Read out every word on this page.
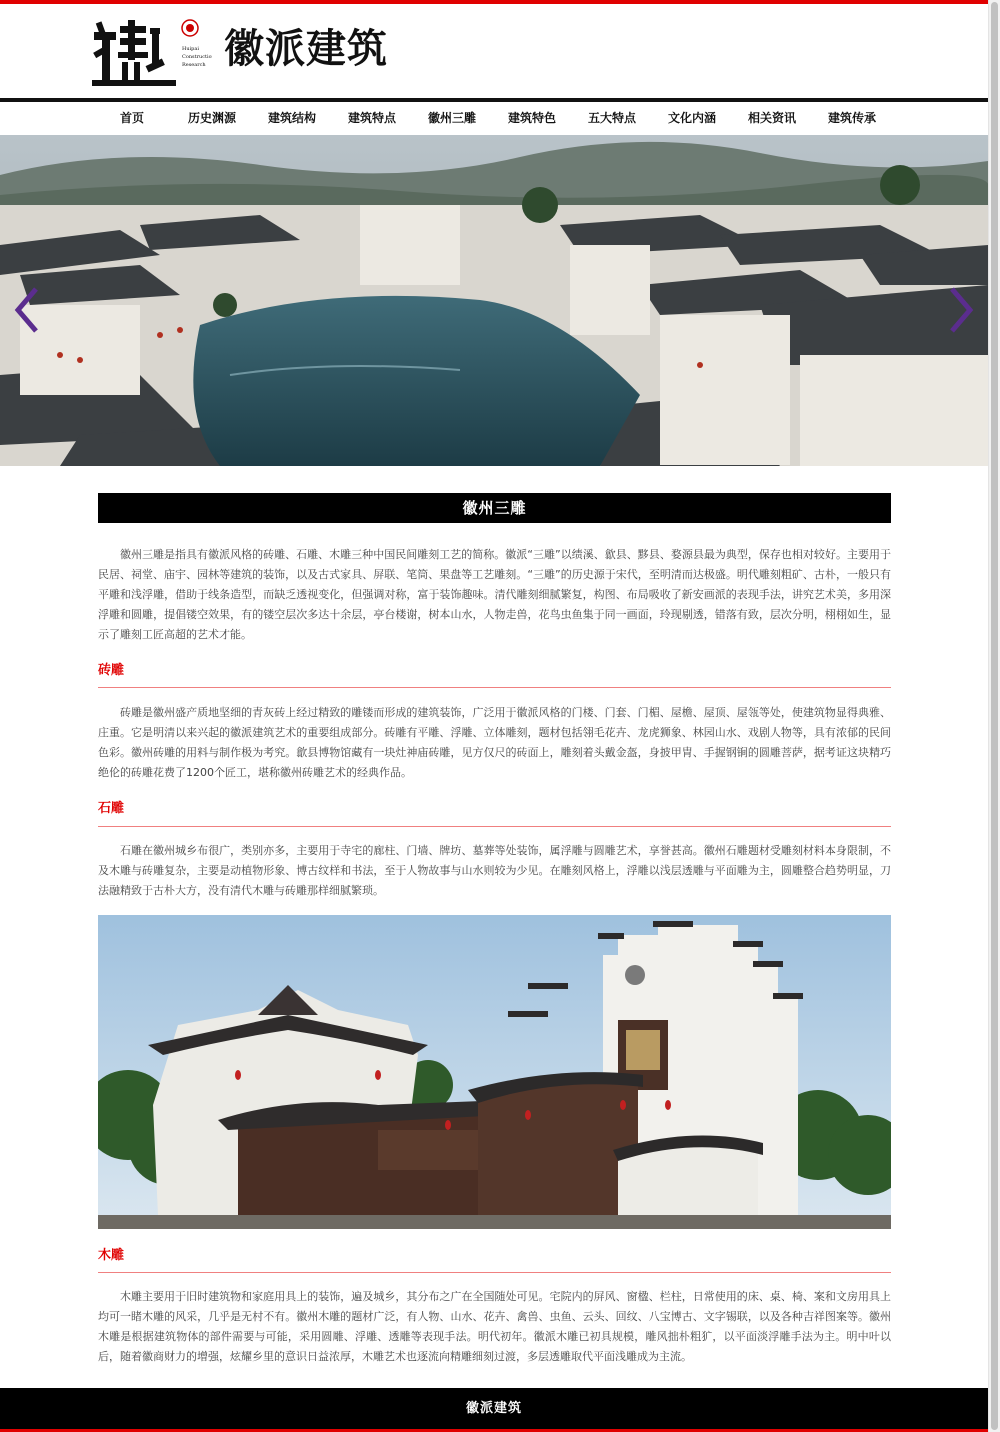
Huipai
Construction
Research 徽派建筑
首页	历史渊源	建筑结构	建筑特点	徽州三雕	建筑特色	五大特点	文化内涵	相关资讯	建筑传承
徽州三雕

徽州三雕是指具有徽派风格的砖雕、石雕、木雕三种中国民间雕刻工艺的简称。徽派“三雕”以绩溪、歙县、黟县、婺源县最为典型，保存也相对较好。主要用于民居、祠堂、庙宇、园林等建筑的装饰，以及古式家具、屏联、笔筒、果盘等工艺雕刻。“三雕”的历史源于宋代，至明清而达极盛。明代雕刻粗矿、古朴，一般只有平雕和浅浮雕，借助于线条造型，而缺乏透视变化，但强调对称，富于装饰趣味。清代雕刻细腻繁复，构图、布局吸收了新安画派的表现手法，讲究艺术美，多用深浮雕和圆雕，提倡镂空效果，有的镂空层次多达十余层，亭台楼谢，树本山水，人物走兽，花鸟虫鱼集于同一画面，玲现剔透，错落有致，层次分明，栩栩如生，显示了雕刻工匠高超的艺术才能。

砖雕

砖雕是徽州盛产质地坚细的青灰砖上经过精致的雕镂而形成的建筑装饰，广泛用于徽派风格的门楼、门套、门楣、屋檐、屋顶、屋瓴等处，使建筑物显得典雅、庄重。它是明清以来兴起的徽派建筑艺术的重要组成部分。砖雕有平雕、浮雕、立体雕刻，题材包括翎毛花卉、龙虎狮象、林园山水、戏剧人物等，具有浓郁的民间色彩。徽州砖雕的用料与制作极为考究。歙县博物馆藏有一块灶神庙砖雕，见方仅尺的砖面上，雕刻着头戴金盔，身披甲胄、手握钢锏的圆雕菩萨，据考证这块精巧绝伦的砖雕花费了1200个匠工，堪称徽州砖雕艺术的经典作品。

石雕

石雕在徽州城乡布很广，类别亦多，主要用于寺宅的廊柱、门墙、牌坊、墓葬等处装饰，属浮雕与圆雕艺术，享誉甚高。徽州石雕题材受雕刻材料本身限制，不及木雕与砖雕复杂，主要是动植物形象、博古纹样和书法，至于人物故事与山水则较为少见。在雕刻风格上，浮雕以浅层透雕与平面雕为主，圆雕整合趋势明显，刀法融精致于古朴大方，没有清代木雕与砖雕那样细腻繁琐。

木雕

木雕主要用于旧时建筑物和家庭用具上的装饰，遍及城乡，其分布之广在全国随处可见。宅院内的屏风、窗楹、栏柱，日常使用的床、桌、椅、案和文房用具上均可一睹木雕的风采，几乎是无村不有。徽州木雕的题材广泛，有人物、山水、花卉、禽兽、虫鱼、云头、回纹、八宝博古、文字锡联，以及各种吉祥图案等。徽州木雕是根据建筑物体的部件需要与可能，采用圆雕、浮雕、透雕等表现手法。明代初年。徽派木雕已初具规模，雕风拙朴粗犷，以平面淡浮雕手法为主。明中叶以后，随着徽商财力的增强，炫耀乡里的意识日益浓厚，木雕艺术也逐流向精雕细刻过渡，多层透雕取代平面浅雕成为主流。

徽派建筑
